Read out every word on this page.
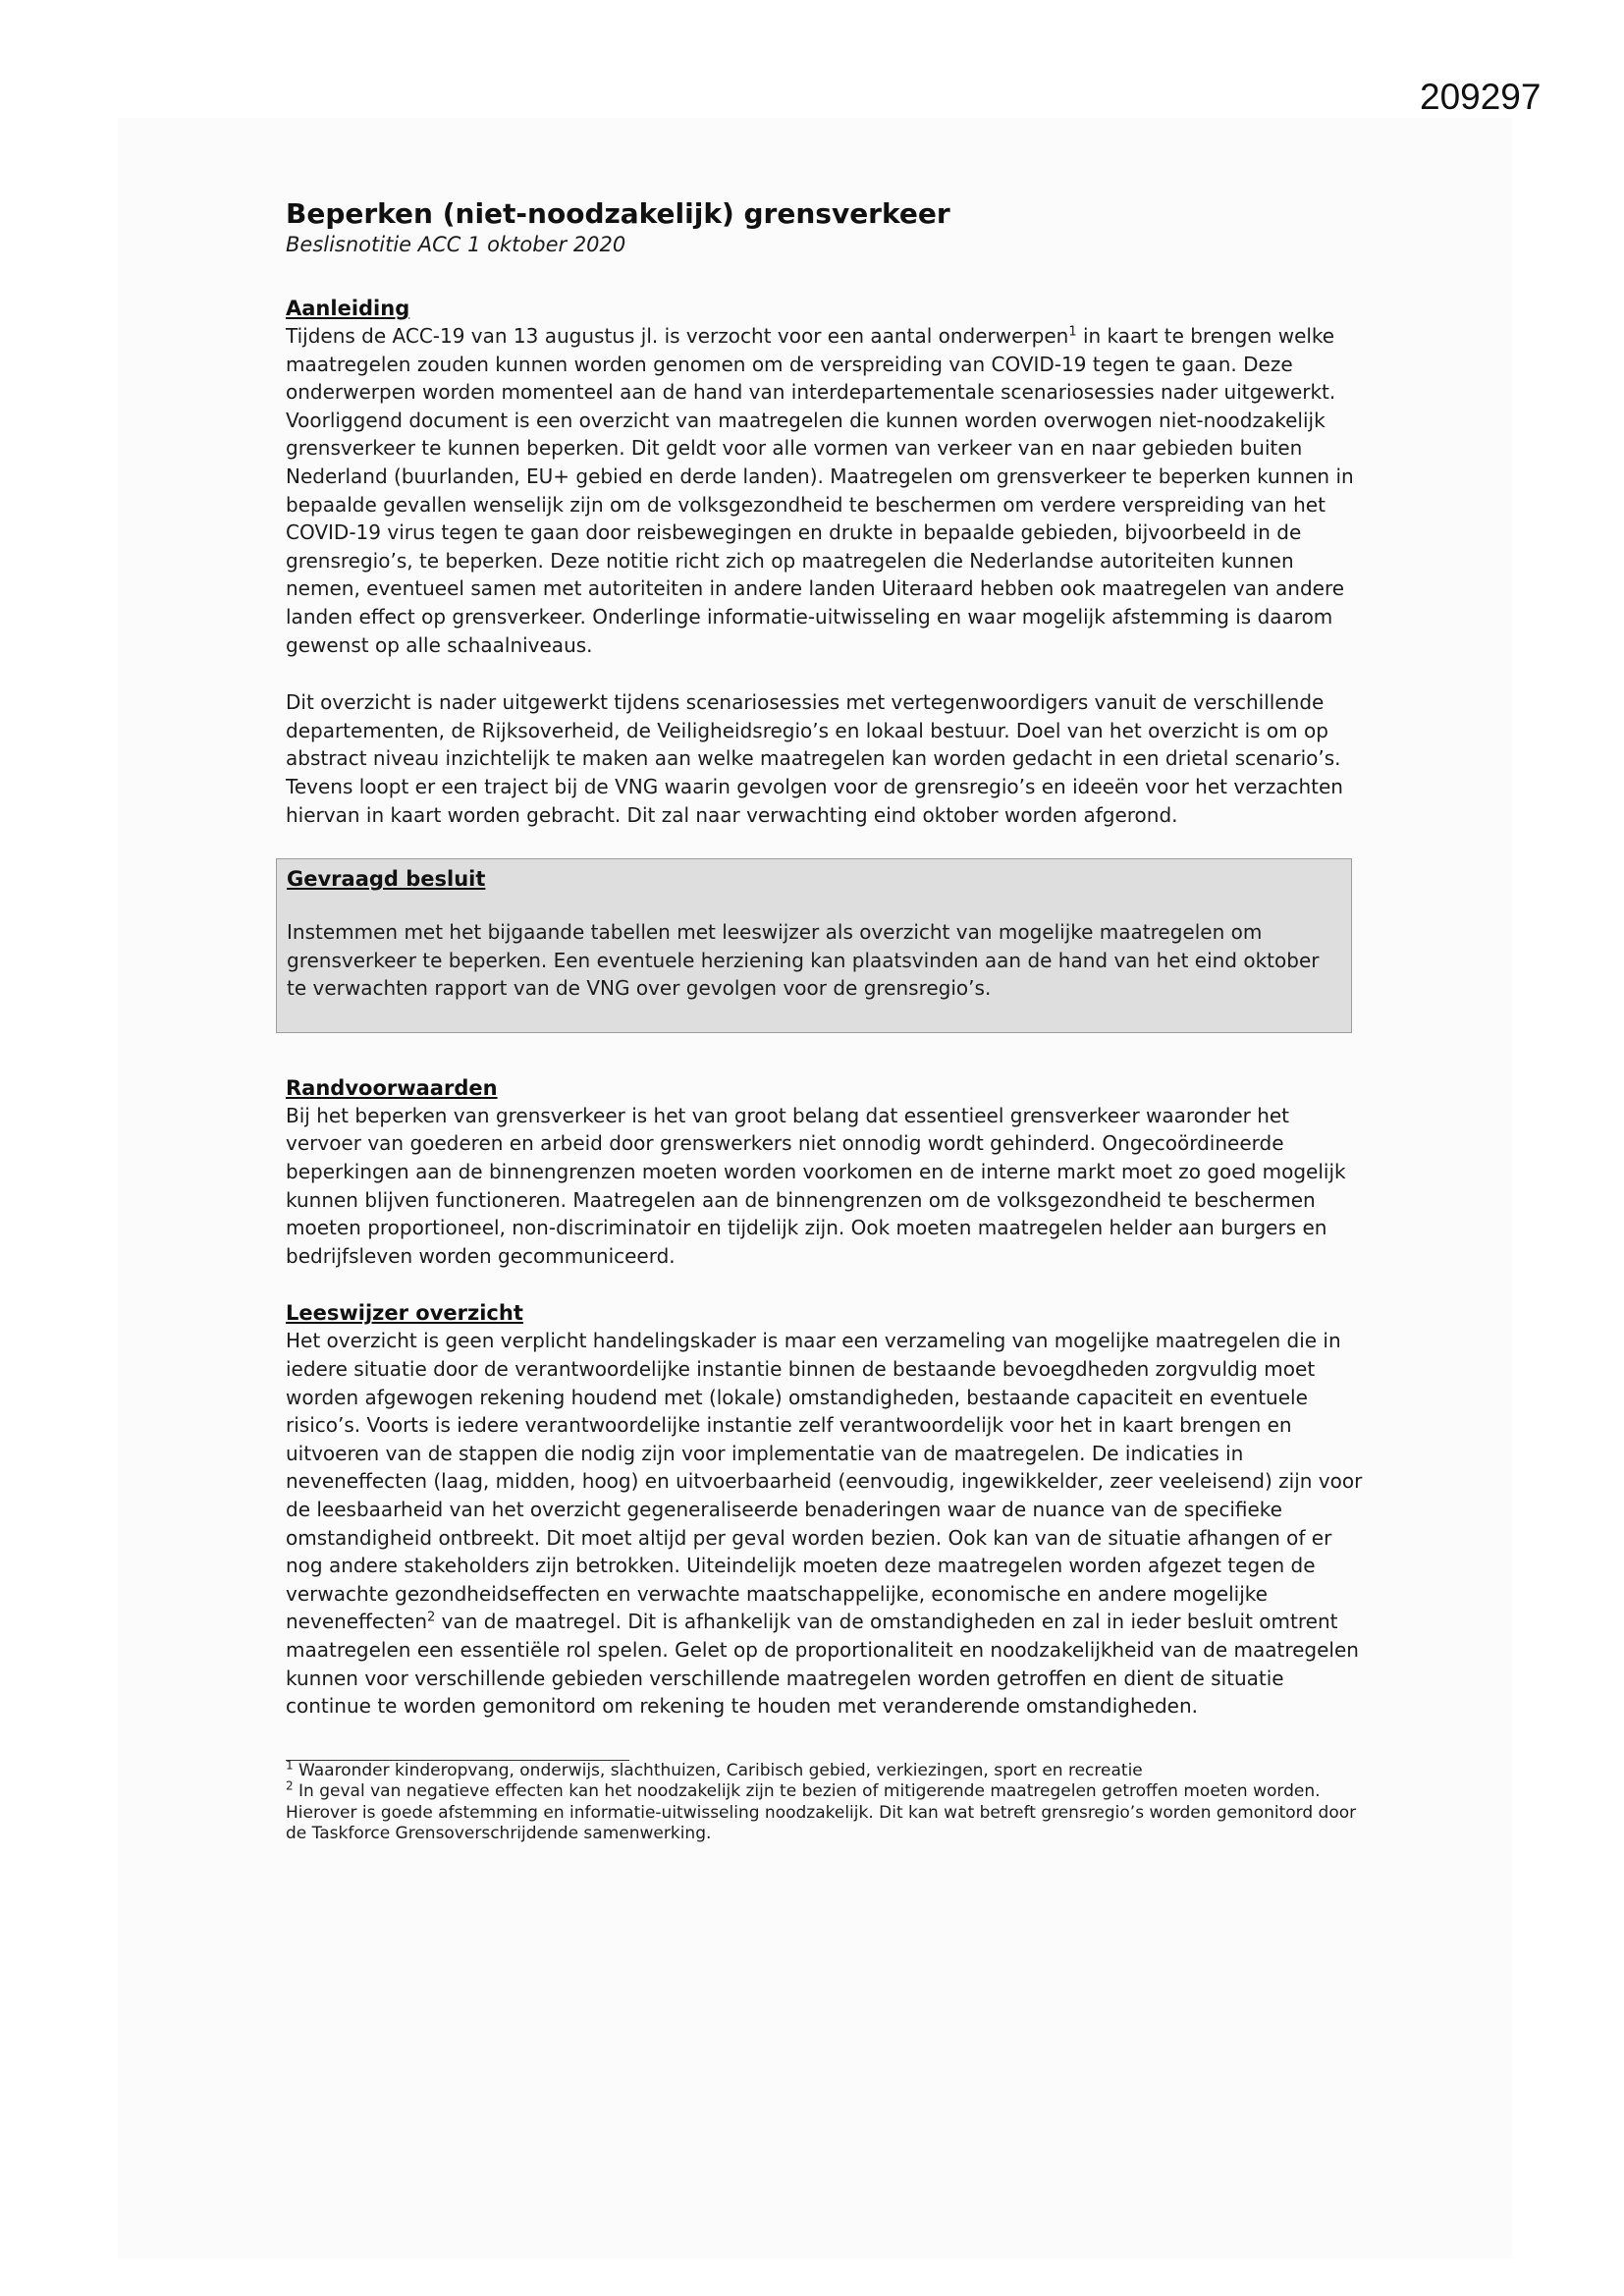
209297
Beperken (niet-noodzakelijk) grensverkeer

Beslisnotitie ACC 1 oktober 2020

Aanleiding

Tijdens de ACC-19 van 13 augustus jl. is verzocht voor een aantal onderwerpen$^1$ in kaart te brengen welke maatregelen zouden kunnen worden genomen om de verspreiding van COVID-19 tegen te gaan. Deze onderwerpen worden momenteel aan de hand van interdepartementale scenariosessies nader uitgewerkt. Voorliggend document is een overzicht van maatregelen die kunnen worden overwogen niet-noodzakelijk grensverkeer te kunnen beperken. Dit geldt voor alle vormen van verkeer van en naar gebieden buiten Nederland (buurlanden, EU+ gebied en derde landen). Maatregelen om grensverkeer te beperken kunnen in bepaalde gevallen wenselijk zijn om de volksgezondheid te beschermen om verdere verspreiding van het COVID-19 virus tegen te gaan door reisbewegingen en drukte in bepaalde gebieden, bijvoorbeeld in de grensregio’s, te beperken. Deze notitie richt zich op maatregelen die Nederlandse autoriteiten kunnen nemen, eventueel samen met autoriteiten in andere landen Uiteraard hebben ook maatregelen van andere landen effect op grensverkeer. Onderlinge informatie-uitwisseling en waar mogelijk afstemming is daarom gewenst op alle schaalniveaus.

Dit overzicht is nader uitgewerkt tijdens scenariosessies met vertegenwoordigers vanuit de verschillende departementen, de Rijksoverheid, de Veiligheidsregio’s en lokaal bestuur. Doel van het overzicht is om op abstract niveau inzichtelijk te maken aan welke maatregelen kan worden gedacht in een drietal scenario’s. Tevens loopt er een traject bij de VNG waarin gevolgen voor de grensregio’s en ideeën voor het verzachten hiervan in kaart worden gebracht. Dit zal naar verwachting eind oktober worden afgerond.

Gevraagd besluit

Instemmen met het bijgaande tabellen met leeswijzer als overzicht van mogelijke maatregelen om grensverkeer te beperken. Een eventuele herziening kan plaatsvinden aan de hand van het eind oktober te verwachten rapport van de VNG over gevolgen voor de grensregio’s.

Randvoorwaarden

Bij het beperken van grensverkeer is het van groot belang dat essentieel grensverkeer waaronder het vervoer van goederen en arbeid door grenswerkers niet onnodig wordt gehinderd. Ongecoördineerde beperkingen aan de binnengrenzen moeten worden voorkomen en de interne markt moet zo goed mogelijk kunnen blijven functioneren. Maatregelen aan de binnengrenzen om de volksgezondheid te beschermen moeten proportioneel, non-discriminatoir en tijdelijk zijn. Ook moeten maatregelen helder aan burgers en bedrijfsleven worden gecommuniceerd.

Leeswijzer overzicht

Het overzicht is geen verplicht handelingskader is maar een verzameling van mogelijke maatregelen die in iedere situatie door de verantwoordelijke instantie binnen de bestaande bevoegdheden zorgvuldig moet worden afgewogen rekening houdend met (lokale) omstandigheden, bestaande capaciteit en eventuele risico’s. Voorts is iedere verantwoordelijke instantie zelf verantwoordelijk voor het in kaart brengen en uitvoeren van de stappen die nodig zijn voor implementatie van de maatregelen. De indicaties in neveneffecten (laag, midden, hoog) en uitvoerbaarheid (eenvoudig, ingewikkelder, zeer veeleisend) zijn voor de leesbaarheid van het overzicht gegeneraliseerde benaderingen waar de nuance van de specifieke omstandigheid ontbreekt. Dit moet altijd per geval worden bezien. Ook kan van de situatie afhangen of er nog andere stakeholders zijn betrokken. Uiteindelijk moeten deze maatregelen worden afgezet tegen de verwachte gezondheidseffecten en verwachte maatschappelijke, economische en andere mogelijke neveneffecten$^2$ van de maatregel. Dit is afhankelijk van de omstandigheden en zal in ieder besluit omtrent maatregelen een essentiële rol spelen. Gelet op de proportionaliteit en noodzakelijkheid van de maatregelen kunnen voor verschillende gebieden verschillende maatregelen worden getroffen en dient de situatie continue te worden gemonitord om rekening te houden met veranderende omstandigheden.

$^1$ Waaronder kinderopvang, onderwijs, slachthuizen, Caribisch gebied, verkiezingen, sport en recreatie

$^2$ In geval van negatieve effecten kan het noodzakelijk zijn te bezien of mitigerende maatregelen getroffen moeten worden. Hierover is goede afstemming en informatie-uitwisseling noodzakelijk. Dit kan wat betreft grensregio’s worden gemonitord door de Taskforce Grensoverschrijdende samenwerking.
